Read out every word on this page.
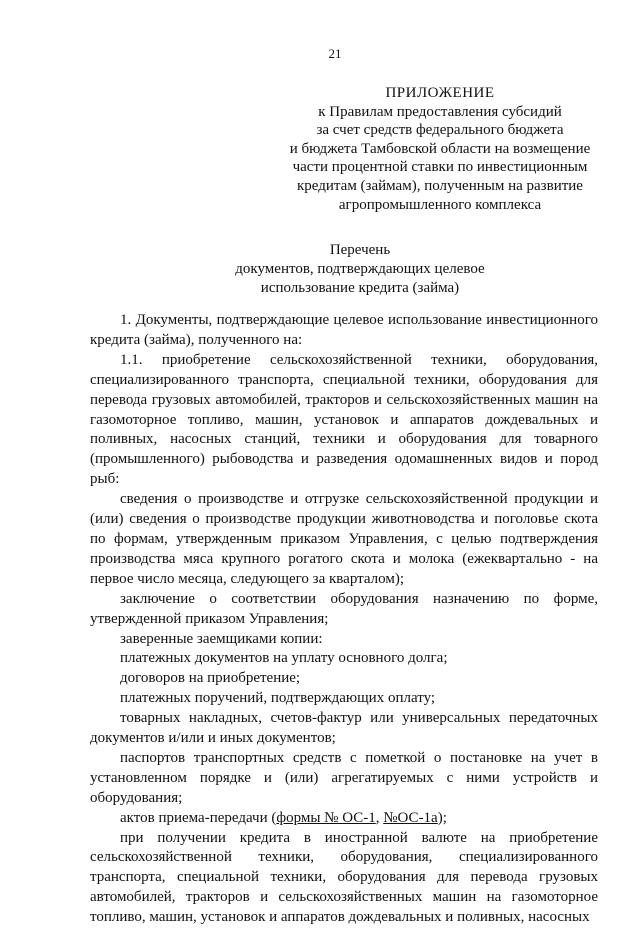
21
ПРИЛОЖЕНИЕ
к Правилам предоставления субсидий
за счет средств федерального бюджета
и бюджета Тамбовской области на возмещение
части процентной ставки по инвестиционным
кредитам (займам), полученным на развитие
агропромышленного комплекса
Перечень
документов, подтверждающих целевое
использование кредита (займа)

1. Документы, подтверждающие целевое использование инвестиционного кредита (займа), полученного на:

1.1. приобретение сельскохозяйственной техники, оборудования, специализированного транспорта, специальной техники, оборудования для перевода грузовых автомобилей, тракторов и сельскохозяйственных машин на газомоторное топливо, машин, установок и аппаратов дождевальных и поливных, насосных станций, техники и оборудования для товарного (промышленного) рыбоводства и разведения одомашненных видов и пород рыб:

сведения о производстве и отгрузке сельскохозяйственной продукции и (или) сведения о производстве продукции животноводства и поголовье скота по формам, утвержденным приказом Управления, с целью подтверждения производства мяса крупного рогатого скота и молока (ежеквартально - на первое число месяца, следующего за кварталом);

заключение о соответствии оборудования назначению по форме, утвержденной приказом Управления;

заверенные заемщиками копии:

платежных документов на уплату основного долга;

договоров на приобретение;

платежных поручений, подтверждающих оплату;

товарных накладных, счетов-фактур или универсальных передаточных документов и/или и иных документов;

паспортов транспортных средств с пометкой о постановке на учет в установленном порядке и (или) агрегатируемых с ними устройств и оборудования;

актов приема-передачи (формы № ОС-1, №ОС-1а);

при получении кредита в иностранной валюте на приобретение сельскохозяйственной техники, оборудования, специализированного транспорта, специальной техники, оборудования для перевода грузовых автомобилей, тракторов и сельскохозяйственных машин на газомоторное топливо, машин, установок и аппаратов дождевальных и поливных, насосных
